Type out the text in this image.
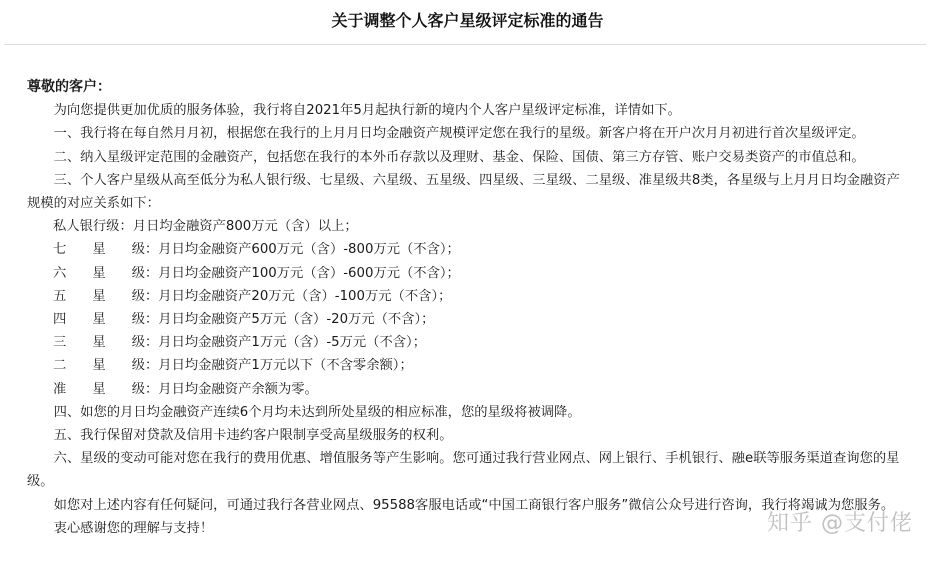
关于调整个人客户星级评定标准的通告
尊敬的客户：

为向您提供更加优质的服务体验，我行将自2021年5月起执行新的境内个人客户星级评定标准，详情如下。

一、我行将在每自然月月初，根据您在我行的上月月日均金融资产规模评定您在我行的星级。新客户将在开户次月月初进行首次星级评定。

二、纳入星级评定范围的金融资产，包括您在我行的本外币存款以及理财、基金、保险、国债、第三方存管、账户交易类资产的市值总和。

三、个人客户星级从高至低分为私人银行级、七星级、六星级、五星级、四星级、三星级、二星级、准星级共8类，各星级与上月月日均金融资产规模的对应关系如下：

私人银行级：月日均金融资产800万元（含）以上；
七星级：月日均金融资产600万元（含）-800万元（不含）；
六星级：月日均金融资产100万元（含）-600万元（不含）；
五星级：月日均金融资产20万元（含）-100万元（不含）；
四星级：月日均金融资产5万元（含）-20万元（不含）；
三星级：月日均金融资产1万元（含）-5万元（不含）；
二星级：月日均金融资产1万元以下（不含零余额）；
准星级：月日均金融资产余额为零。

四、如您的月日均金融资产连续6个月均未达到所处星级的相应标准，您的星级将被调降。

五、我行保留对贷款及信用卡违约客户限制享受高星级服务的权利。

六、星级的变动可能对您在我行的费用优惠、增值服务等产生影响。您可通过我行营业网点、网上银行、手机银行、融e联等服务渠道查询您的星级。

如您对上述内容有任何疑问，可通过我行各营业网点、95588客服电话或“中国工商银行客户服务”微信公众号进行咨询，我行将竭诚为您服务。

衷心感谢您的理解与支持！	知乎 @支付佬
